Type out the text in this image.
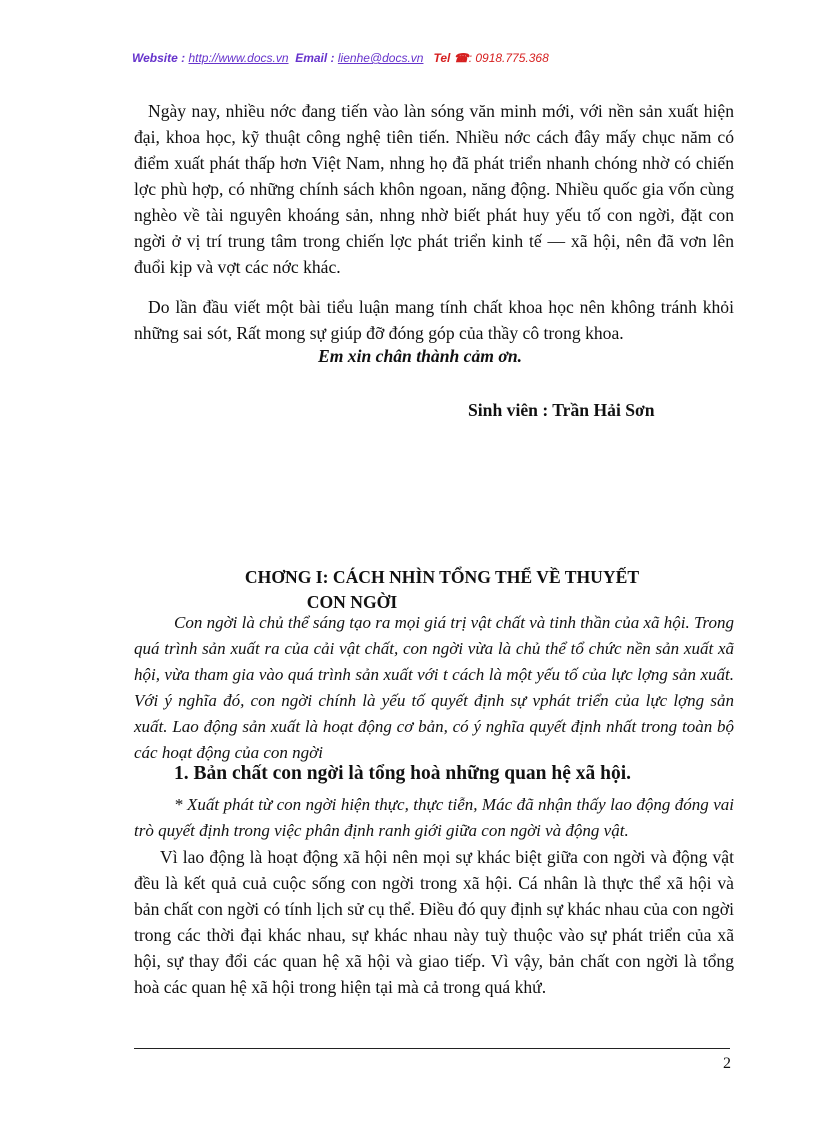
Website : http://www.docs.vn Email : lienhe@docs.vn Tel ☎: 0918.775.368

Ngày nay, nhiều nớc đang tiến vào làn sóng văn minh mới, với nền sản xuất hiện đại, khoa học, kỹ thuật công nghệ tiên tiến. Nhiều nớc cách đây mấy chục năm có điểm xuất phát thấp hơn Việt Nam, nhng họ đã phát triển nhanh chóng nhờ có chiến lợc phù hợp, có những chính sách khôn ngoan, năng động. Nhiều quốc gia vốn cùng nghèo về tài nguyên khoáng sản, nhng nhờ biết phát huy yếu tố con ngời, đặt con ngời ở vị trí trung tâm trong chiến lợc phát triển kinh tế — xã hội, nên đã vơn lên đuổi kịp và vợt các nớc khác.

Do lần đầu viết một bài tiểu luận mang tính chất khoa học nên không tránh khỏi những sai sót, Rất mong sự giúp đỡ đóng góp của thầy cô trong khoa.

Em xin chân thành cảm ơn.

Sinh viên : Trần Hải Sơn

CHƠNG I: CÁCH NHÌN TỔNG THỂ VỀ THUYẾT

CON NGỜI

Con ngời là chủ thể sáng tạo ra mọi giá trị vật chất và tinh thần của xã hội. Trong quá trình sản xuất ra của cải vật chất, con ngời vừa là chủ thể tổ chức nền sản xuất xã hội, vừa tham gia vào quá trình sản xuất với t cách là một yếu tố của lực lợng sản xuất. Với ý nghĩa đó, con ngời chính là yếu tố quyết định sự vphát triển của lực lợng sản xuất. Lao động sản xuất là hoạt động cơ bản, có ý nghĩa quyết định nhất trong toàn bộ các hoạt động của con ngời

1. Bản chất con ngời là tổng hoà những quan hệ xã hội.

* Xuất phát từ con ngời hiện thực, thực tiễn, Mác đã nhận thấy lao động đóng vai trò quyết định trong việc phân định ranh giới giữa con ngời và động vật.

Vì lao động là hoạt động xã hội nên mọi sự khác biệt giữa con ngời và động vật đều là kết quả cuả cuộc sống con ngời trong xã hội. Cá nhân là thực thể xã hội và bản chất con ngời có tính lịch sử cụ thể. Điều đó quy định sự khác nhau của con ngời trong các thời đại khác nhau, sự khác nhau này tuỳ thuộc vào sự phát triển của xã hội, sự thay đổi các quan hệ xã hội và giao tiếp. Vì vậy, bản chất con ngời là tổng hoà các quan hệ xã hội trong hiện tại mà cả trong quá khứ.

2
